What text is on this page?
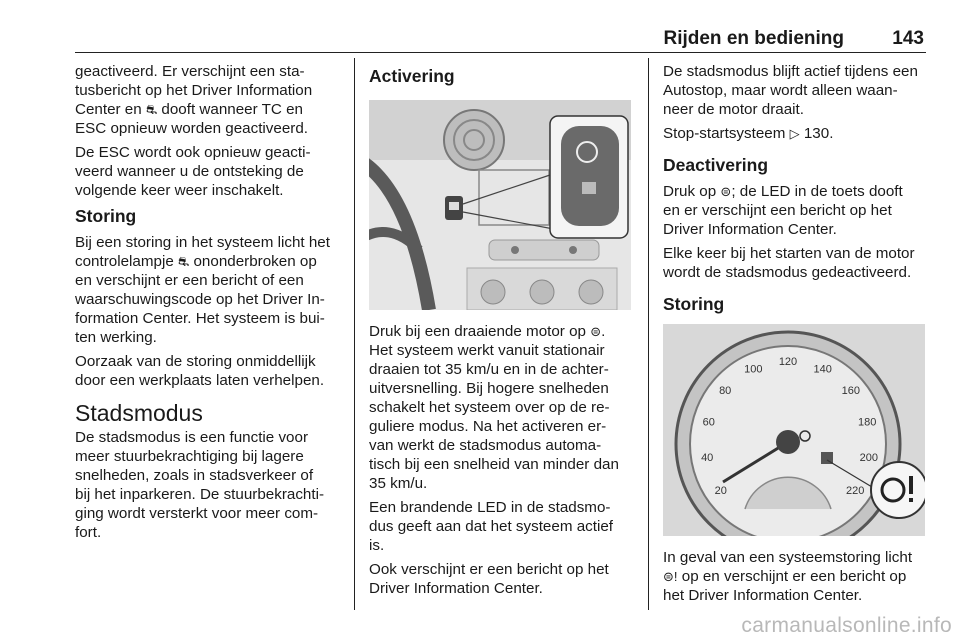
Rijden en bediening	143

geactiveerd. Er verschijnt een sta-
tusbericht op het Driver Information
Center en ⛐ dooft wanneer TC en
ESC opnieuw worden geactiveerd.

De ESC wordt ook opnieuw geacti-
veerd wanneer u de ontsteking de
volgende keer weer inschakelt.

Storing

Bij een storing in het systeem licht het
controlelampje ⛐ ononderbroken op
en verschijnt er een bericht of een
waarschuwingscode op het Driver In-
formation Center. Het systeem is bui-
ten werking.

Oorzaak van de storing onmiddellijk
door een werkplaats laten verhelpen.

Stadsmodus

De stadsmodus is een functie voor
meer stuurbekrachtiging bij lagere
snelheden, zoals in stadsverkeer of
bij het inparkeren. De stuurbekrachti-
ging wordt versterkt voor meer com-
fort.

Activering

Druk bij een draaiende motor op ⊜.
Het systeem werkt vanuit stationair
draaien tot 35 km/u en in de achter-
uitversnelling. Bij hogere snelheden
schakelt het systeem over op de re-
guliere modus. Na het activeren er-
van werkt de stadsmodus automa-
tisch bij een snelheid van minder dan
35 km/u.

Een brandende LED in de stadsmo-
dus geeft aan dat het systeem actief
is.

Ook verschijnt er een bericht op het
Driver Information Center.

De stadsmodus blijft actief tijdens een
Autostop, maar wordt alleen waan-
neer de motor draait.

Stop-startsysteem ▷ 130.

Deactivering

Druk op ⊜; de LED in de toets dooft
en er verschijnt een bericht op het
Driver Information Center.

Elke keer bij het starten van de motor
wordt de stadsmodus gedeactiveerd.

Storing
20
40
60
80
100
120
140
160
180
200
220

In geval van een systeemstoring licht
⊜! op en verschijnt er een bericht op
het Driver Information Center.

carmanualsonline.info
